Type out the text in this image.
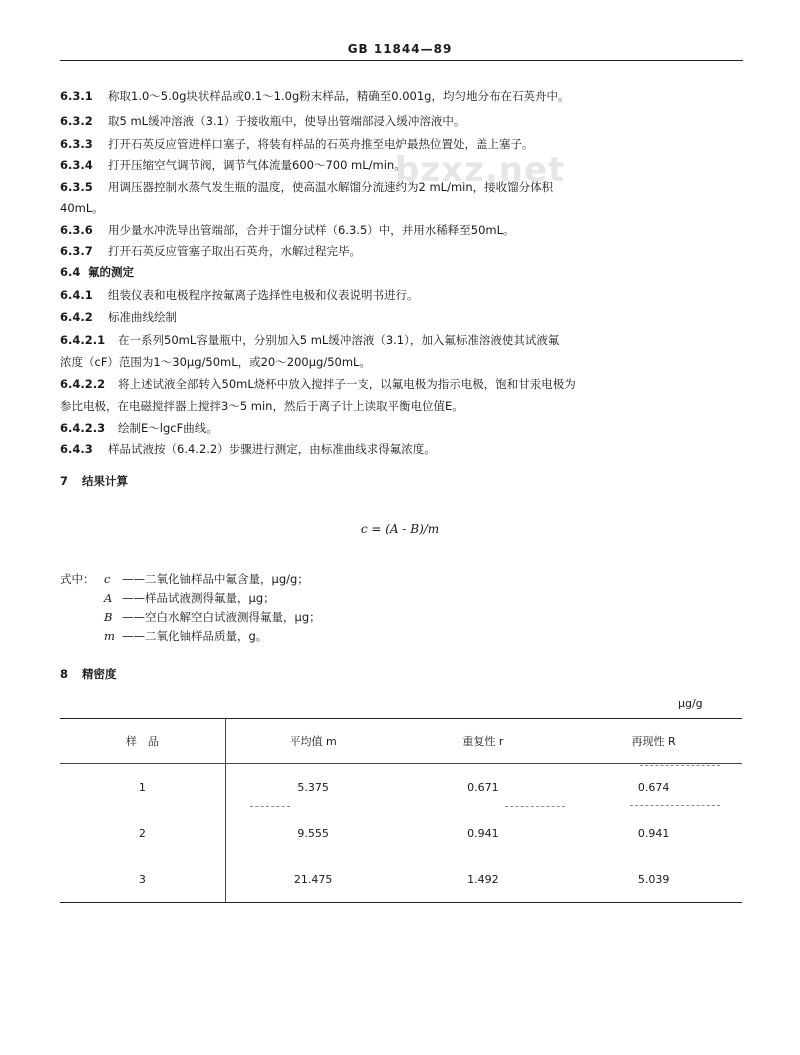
GB 11844—89
bzxz.net
6.3.1 称取1.0～5.0g块状样品或0.1～1.0g粉末样品，精确至0.001g，均匀地分布在石英舟中。
6.3.2 取5 mL缓冲溶液（3.1）于接收瓶中，使导出管端部浸入缓冲溶液中。
6.3.3 打开石英反应管进样口塞子，将装有样品的石英舟推至电炉最热位置处，盖上塞子。
6.3.4 打开压缩空气调节阀，调节气体流量600～700 mL/min。
6.3.5 用调压器控制水蒸气发生瓶的温度，使高温水解馏分流速约为2 mL/min，接收馏分体积
40mL。
6.3.6 用少量水冲洗导出管端部，合并于馏分试样（6.3.5）中，并用水稀释至50mL。
6.3.7 打开石英反应管塞子取出石英舟，水解过程完毕。
6.4 氟的测定
6.4.1 组装仪表和电极程序按氟离子选择性电极和仪表说明书进行。
6.4.2 标准曲线绘制
6.4.2.1 在一系列50mL容量瓶中，分别加入5 mL缓冲溶液（3.1），加入氟标准溶液使其试液氟
浓度（cF）范围为1～30μg/50mL，或20～200μg/50mL。
6.4.2.2 将上述试液全部转入50mL烧杯中放入搅拌子一支，以氟电极为指示电极，饱和甘汞电极为
参比电极，在电磁搅拌器上搅拌3～5 min，然后于离子计上读取平衡电位值E。
6.4.2.3 绘制E～lgcF曲线。
6.4.3 样品试液按（6.4.2.2）步骤进行测定，由标准曲线求得氟浓度。
7 结果计算
c = (A - B)/m
式中： c ——二氧化铀样品中氟含量，μg/g；
A ——样品试液测得氟量，μg；
B ——空白水解空白试液测得氟量，μg；
m ——二氧化铀样品质量，g。
8 精密度
μg/g
样　品	平均值 m	重复性 r	再现性 R
1	5.375	0.671	0.674
2	9.555	0.941	0.941
3	21.475	1.492	5.039
